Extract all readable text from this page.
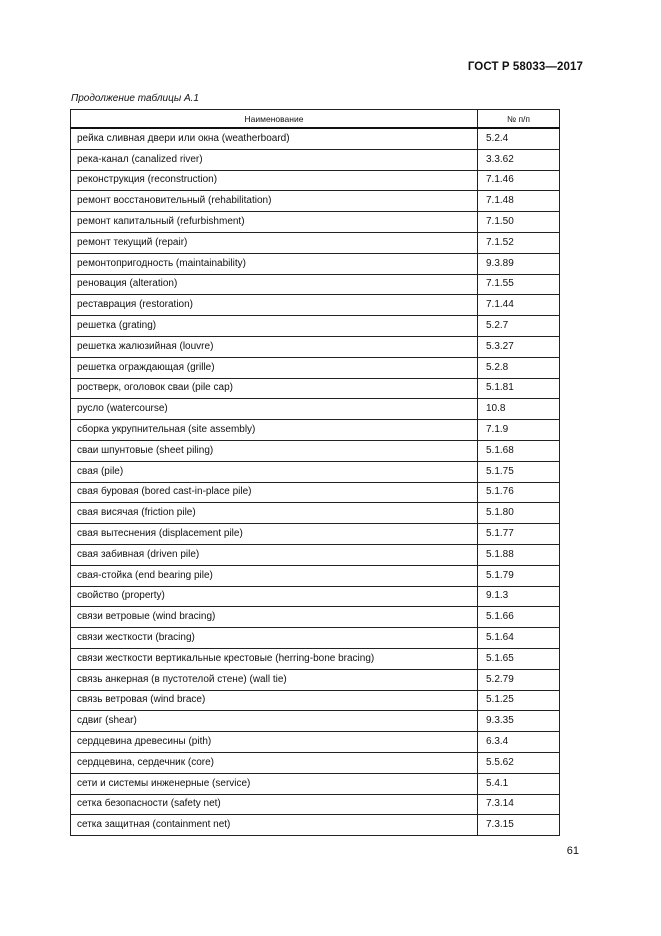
ГОСТ Р 58033—2017
Продолжение таблицы А.1
Наименование	№ п/п
рейка сливная двери или окна (weatherboard)	5.2.4
река-канал (canalized river)	3.3.62
реконструкция (reconstruction)	7.1.46
ремонт восстановительный (rehabilitation)	7.1.48
ремонт капитальный (refurbishment)	7.1.50
ремонт текущий (repair)	7.1.52
ремонтопригодность (maintainability)	9.3.89
реновация (alteration)	7.1.55
реставрация (restoration)	7.1.44
решетка (grating)	5.2.7
решетка жалюзийная (louvre)	5.3.27
решетка ограждающая (grille)	5.2.8
ростверк, оголовок сваи (pile cap)	5.1.81
русло (watercourse)	10.8
сборка укрупнительная (site assembly)	7.1.9
сваи шпунтовые (sheet piling)	5.1.68
свая (pile)	5.1.75
свая буровая (bored cast-in-place pile)	5.1.76
свая висячая (friction pile)	5.1.80
свая вытеснения (displacement pile)	5.1.77
свая забивная (driven pile)	5.1.88
свая-стойка (end bearing pile)	5.1.79
свойство (property)	9.1.3
связи ветровые (wind bracing)	5.1.66
связи жесткости (bracing)	5.1.64
связи жесткости вертикальные крестовые (herring-bone bracing)	5.1.65
связь анкерная (в пустотелой стене) (wall tie)	5.2.79
связь ветровая (wind brace)	5.1.25
сдвиг (shear)	9.3.35
сердцевина древесины (pith)	6.3.4
сердцевина, сердечник (core)	5.5.62
сети и системы инженерные (service)	5.4.1
сетка безопасности (safety net)	7.3.14
сетка защитная (containment net)	7.3.15
61
